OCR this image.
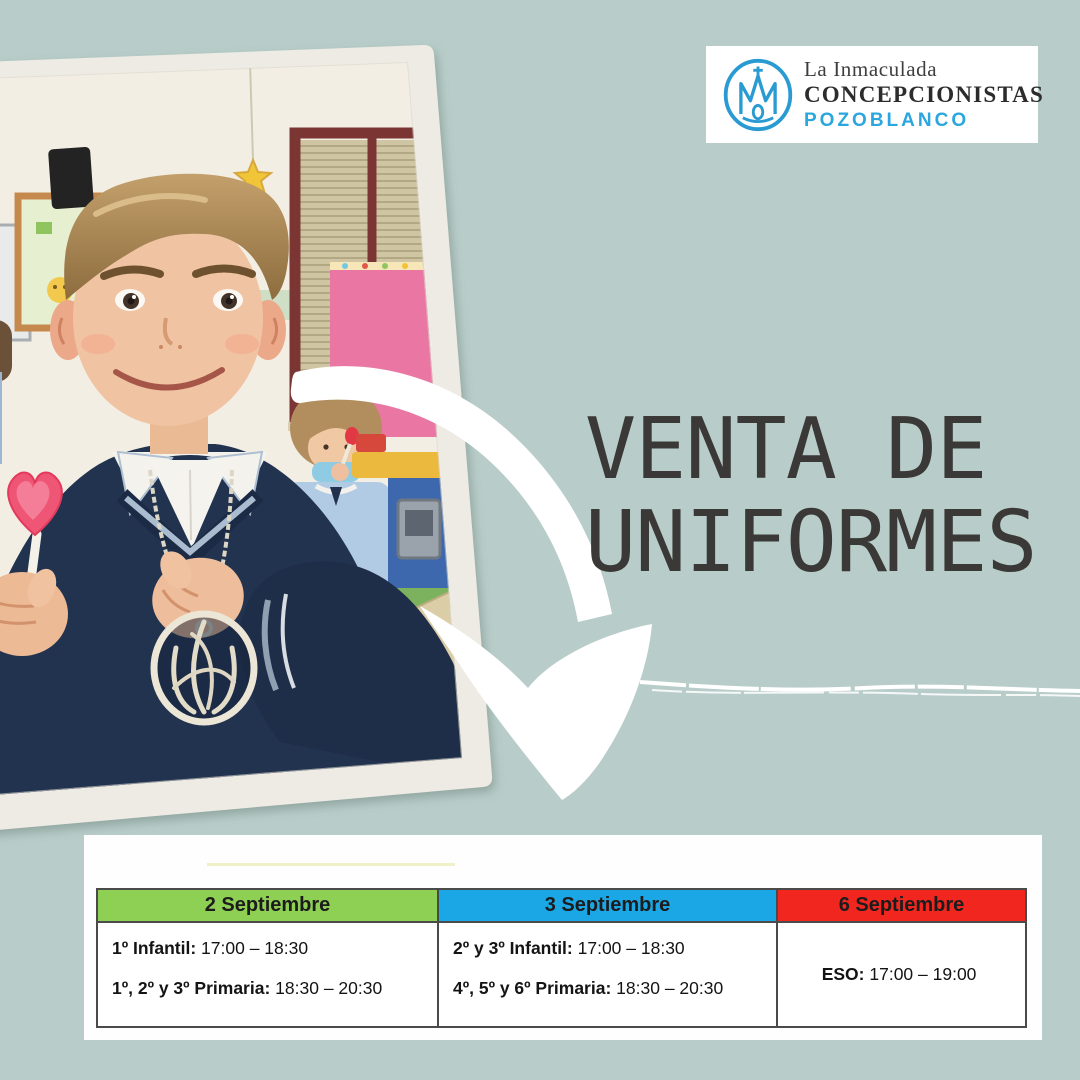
La Inmaculada
CONCEPCIONISTAS
POZOBLANCO
VENTA DE
UNIFORMES
2 Septiembre
1º Infantil: 17:00 – 18:30
1º, 2º y 3º Primaria: 18:30 – 20:30
3 Septiembre
2º y 3º Infantil: 17:00 – 18:30
4º, 5º y 6º Primaria: 18:30 – 20:30
6 Septiembre
ESO: 17:00 – 19:00
